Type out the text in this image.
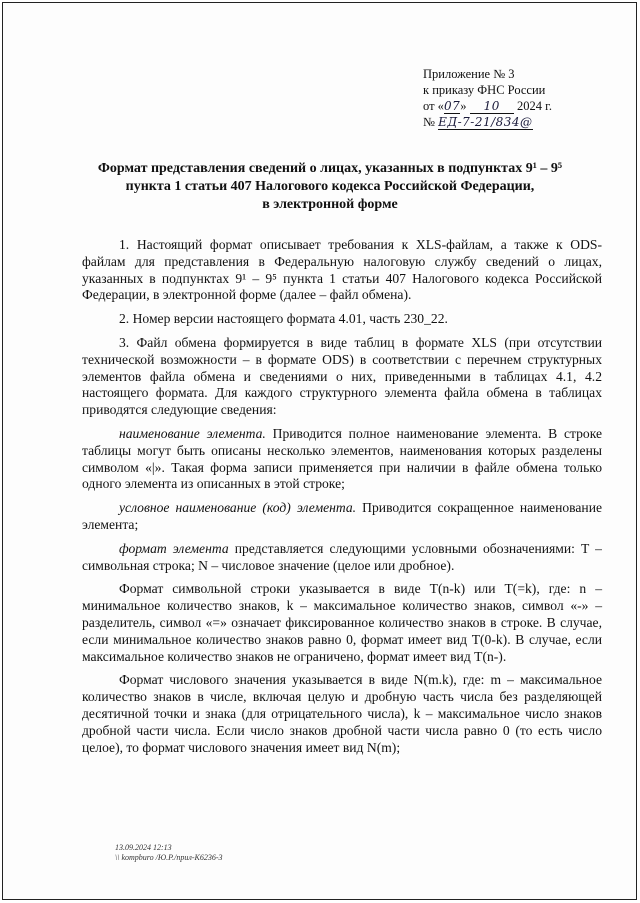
Приложение № 3
к приказу ФНС России
от «07» 10 2024 г.
№ ЕД-7-21/834@
Формат представления сведений о лицах, указанных в подпунктах 9¹ – 9⁵
пункта 1 статьи 407 Налогового кодекса Российской Федерации,
в электронной форме

1. Настоящий формат описывает требования к XLS-файлам, а также к ODS-файлам для представления в Федеральную налоговую службу сведений о лицах, указанных в подпунктах 9¹ – 9⁵ пункта 1 статьи 407 Налогового кодекса Российской Федерации, в электронной форме (далее – файл обмена).

2. Номер версии настоящего формата 4.01, часть 230_22.

3. Файл обмена формируется в виде таблиц в формате XLS (при отсутствии технической возможности – в формате ODS) в соответствии с перечнем структурных элементов файла обмена и сведениями о них, приведенными в таблицах 4.1, 4.2 настоящего формата. Для каждого структурного элемента файла обмена в таблицах приводятся следующие сведения:

наименование элемента. Приводится полное наименование элемента. В строке таблицы могут быть описаны несколько элементов, наименования которых разделены символом «|». Такая форма записи применяется при наличии в файле обмена только одного элемента из описанных в этой строке;

условное наименование (код) элемента. Приводится сокращенное наименование элемента;

формат элемента представляется следующими условными обозначениями: T – символьная строка; N – числовое значение (целое или дробное).

Формат символьной строки указывается в виде T(n-k) или T(=k), где: n – минимальное количество знаков, k – максимальное количество знаков, символ «-» – разделитель, символ «=» означает фиксированное количество знаков в строке. В случае, если минимальное количество знаков равно 0, формат имеет вид T(0-k). В случае, если максимальное количество знаков не ограничено, формат имеет вид T(n-).

Формат числового значения указывается в виде N(m.k), где: m – максимальное количество знаков в числе, включая целую и дробную часть числа без разделяющей десятичной точки и знака (для отрицательного числа), k – максимальное число знаков дробной части числа. Если число знаков дробной части числа равно 0 (то есть число целое), то формат числового значения имеет вид N(m);

13.09.2024 12:13
\\ kompburo /Ю.Р./прил-К6236-3
